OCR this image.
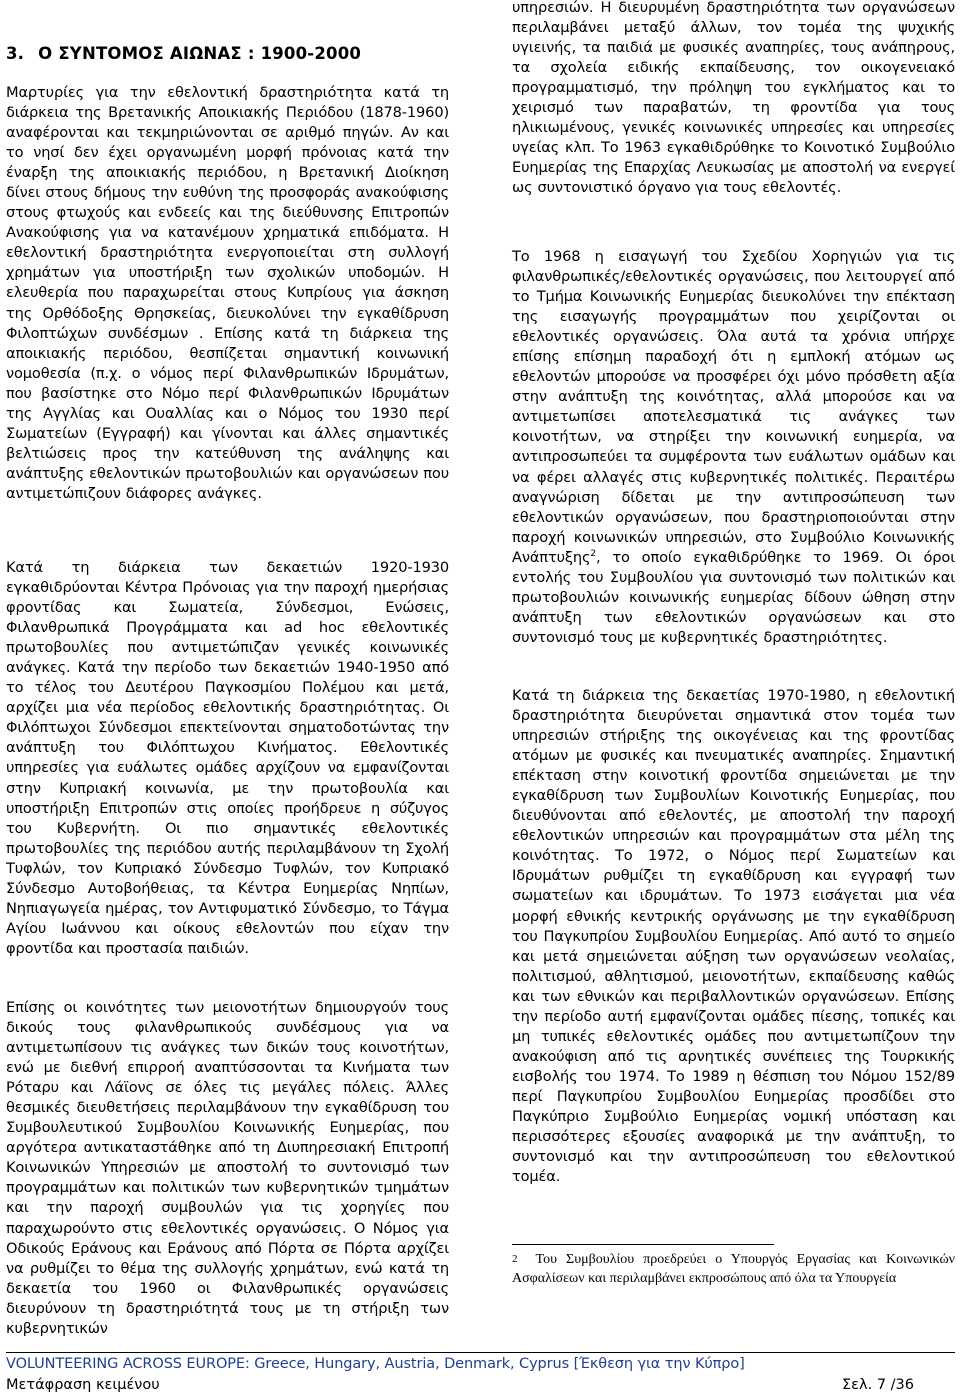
3. Ο ΣΥΝΤΟΜΟΣ ΑΙΩΝΑΣ : 1900-2000

Μαρτυρίες για την εθελοντική δραστηριότητα κατά τη διάρκεια της Βρετανικής Αποικιακής Περιόδου (1878-1960) αναφέρονται και τεκμηριώνονται σε αριθμό πηγών. Αν και το νησί δεν έχει οργανωμένη μορφή πρόνοιας κατά την έναρξη της αποικιακής περιόδου, η Βρετανική Διοίκηση δίνει στους δήμους την ευθύνη της προσφοράς ανακούφισης στους φτωχούς και ενδεείς και της διεύθυνσης Επιτροπών Ανακούφισης για να κατανέμουν χρηματικά επιδόματα. Η εθελοντική δραστηριότητα ενεργοποιείται στη συλλογή χρημάτων για υποστήριξη των σχολικών υποδομών. Η ελευθερία που παραχωρείται στους Κυπρίους για άσκηση της Ορθόδοξης Θρησκείας, διευκολύνει την εγκαθίδρυση Φιλοπτώχων συνδέσμων . Επίσης κατά τη διάρκεια της αποικιακής περιόδου, θεσπίζεται σημαντική κοινωνική νομοθεσία (π.χ. ο νόμος περί Φιλανθρωπικών Ιδρυμάτων, που βασίστηκε στο Νόμο περί Φιλανθρωπικών Ιδρυμάτων της Αγγλίας και Ουαλλίας και ο Νόμος του 1930 περί Σωματείων (Εγγραφή) και γίνονται και άλλες σημαντικές βελτιώσεις προς την κατεύθυνση της ανάληψης και ανάπτυξης εθελοντικών πρωτοβουλιών και οργανώσεων που αντιμετώπιζουν διάφορες ανάγκες.

Κατά τη διάρκεια των δεκαετιών 1920-1930 εγκαθιδρύονται Κέντρα Πρόνοιας για την παροχή ημερήσιας φροντίδας και Σωματεία, Σύνδεσμοι, Ενώσεις, Φιλανθρωπικά Προγράμματα και ad hoc εθελοντικές πρωτοβουλίες που αντιμετώπιζαν γενικές κοινωνικές ανάγκες. Κατά την περίοδο των δεκαετιών 1940-1950 από το τέλος του Δευτέρου Παγκοσμίου Πολέμου και μετά, αρχίζει μια νέα περίοδος εθελοντικής δραστηριότητας. Οι Φιλόπτωχοι Σύνδεσμοι επεκτείνονται σηματοδοτώντας την ανάπτυξη του Φιλόπτωχου Κινήματος. Εθελοντικές υπηρεσίες για ευάλωτες ομάδες αρχίζουν να εμφανίζονται στην Κυπριακή κοινωνία, με την πρωτοβουλία και υποστήριξη Επιτροπών στις οποίες προήδρευε η σύζυγος του Κυβερνήτη. Οι πιο σημαντικές εθελοντικές πρωτοβουλίες της περιόδου αυτής περιλαμβάνουν τη Σχολή Τυφλών, τον Κυπριακό Σύνδεσμο Τυφλών, τον Κυπριακό Σύνδεσμο Αυτοβοήθειας, τα Κέντρα Ευημερίας Νηπίων, Νηπιαγωγεία ημέρας, τον Αντιφυματικό Σύνδεσμο, το Τάγμα Αγίου Ιωάννου και οίκους εθελοντών που είχαν την φροντίδα και προστασία παιδιών.

Επίσης οι κοινότητες των μειονοτήτων δημιουργούν τους δικούς τους φιλανθρωπικούς συνδέσμους για να αντιμετωπίσουν τις ανάγκες των δικών τους κοινοτήτων, ενώ με διεθνή επιρροή αναπτύσσονται τα Κινήματα των Ρόταρυ και Λάϊονς σε όλες τις μεγάλες πόλεις. Άλλες θεσμικές διευθετήσεις περιλαμβάνουν την εγκαθίδρυση του Συμβουλευτικού Συμβουλίου Κοινωνικής Ευημερίας, που αργότερα αντικαταστάθηκε από τη Διυπηρεσιακή Επιτροπή Κοινωνικών Υπηρεσιών με αποστολή το συντονισμό των προγραμμάτων και πολιτικών των κυβερνητικών τμημάτων και την παροχή συμβουλών για τις χορηγίες που παραχωρούντο στις εθελοντικές οργανώσεις. Ο Νόμος για Οδικούς Εράνους και Εράνους από Πόρτα σε Πόρτα αρχίζει να ρυθμίζει το θέμα της συλλογής χρημάτων, ενώ κατά τη δεκαετία του 1960 οι Φιλανθρωπικές οργανώσεις διευρύνουν τη δραστηριότητά τους με τη στήριξη των κυβερνητικών

υπηρεσιών. Η διευρυμένη δραστηριότητα των οργανώσεων περιλαμβάνει μεταξύ άλλων, τον τομέα της ψυχικής υγιεινής, τα παιδιά με φυσικές αναπηρίες, τους ανάπηρους, τα σχολεία ειδικής εκπαίδευσης, τον οικογενειακό προγραμματισμό, την πρόληψη του εγκλήματος και το χειρισμό των παραβατών, τη φροντίδα για τους ηλικιωμένους, γενικές κοινωνικές υπηρεσίες και υπηρεσίες υγείας κλπ. Το 1963 εγκαθιδρύθηκε το Κοινοτικό Συμβούλιο Ευημερίας της Επαρχίας Λευκωσίας με αποστολή να ενεργεί ως συντονιστικό όργανο για τους εθελοντές.

Το 1968 η εισαγωγή του Σχεδίου Χορηγιών για τις φιλανθρωπικές/εθελοντικές οργανώσεις, που λειτουργεί από το Τμήμα Κοινωνικής Ευημερίας διευκολύνει την επέκταση της εισαγωγής προγραμμάτων που χειρίζονται οι εθελοντικές οργανώσεις. Όλα αυτά τα χρόνια υπήρχε επίσης επίσημη παραδοχή ότι η εμπλοκή ατόμων ως εθελοντών μπορούσε να προσφέρει όχι μόνο πρόσθετη αξία στην ανάπτυξη της κοινότητας, αλλά μπορούσε και να αντιμετωπίσει αποτελεσματικά τις ανάγκες των κοινοτήτων, να στηρίξει την κοινωνική ευημερία, να αντιπροσωπεύει τα συμφέροντα των ευάλωτων ομάδων και να φέρει αλλαγές στις κυβερνητικές πολιτικές. Περαιτέρω αναγνώριση δίδεται με την αντιπροσώπευση των εθελοντικών οργανώσεων, που δραστηριοποιούνται στην παροχή κοινωνικών υπηρεσιών, στο Συμβούλιο Κοινωνικής Ανάπτυξης$^2$, το οποίο εγκαθιδρύθηκε το 1969. Οι όροι εντολής του Συμβουλίου για συντονισμό των πολιτικών και πρωτοβουλιών κοινωνικής ευημερίας δίδουν ώθηση στην ανάπτυξη των εθελοντικών οργανώσεων και στο συντονισμό τους με κυβερνητικές δραστηριότητες.

Κατά τη διάρκεια της δεκαετίας 1970-1980, η εθελοντική δραστηριότητα διευρύνεται σημαντικά στον τομέα των υπηρεσιών στήριξης της οικογένειας και της φροντίδας ατόμων με φυσικές και πνευματικές αναπηρίες. Σημαντική επέκταση στην κοινοτική φροντίδα σημειώνεται με την εγκαθίδρυση των Συμβουλίων Κοινοτικής Ευημερίας, που διευθύνονται από εθελοντές, με αποστολή την παροχή εθελοντικών υπηρεσιών και προγραμμάτων στα μέλη της κοινότητας. Το 1972, ο Νόμος περί Σωματείων και Ιδρυμάτων ρυθμίζει τη εγκαθίδρυση και εγγραφή των σωματείων και ιδρυμάτων. Το 1973 εισάγεται μια νέα μορφή εθνικής κεντρικής οργάνωσης με την εγκαθίδρυση του Παγκυπρίου Συμβουλίου Ευημερίας. Από αυτό το σημείο και μετά σημειώνεται αύξηση των οργανώσεων νεολαίας, πολιτισμού, αθλητισμού, μειονοτήτων, εκπαίδευσης καθώς και των εθνικών και περιβαλλοντικών οργανώσεων. Επίσης την περίοδο αυτή εμφανίζονται ομάδες πίεσης, τοπικές και μη τυπικές εθελοντικές ομάδες που αντιμετωπίζουν την ανακούφιση από τις αρνητικές συνέπειες της Τουρκικής εισβολής του 1974. Το 1989 η θέσπιση του Νόμου 152/89 περί Παγκυπρίου Συμβουλίου Ευημερίας προσδίδει στο Παγκύπριο Συμβούλιο Ευημερίας νομική υπόσταση και περισσότερες εξουσίες αναφορικά με την ανάπτυξη, το συντονισμό και την αντιπροσώπευση του εθελοντικού τομέα.

$^2$ Του Συμβουλίου προεδρεύει ο Υπουργός Εργασίας και Κοινωνικών Ασφαλίσεων και περιλαμβάνει εκπροσώπους από όλα τα Υπουργεία
VOLUNTEERING ACROSS EUROPE: Greece, Hungary, Austria, Denmark, Cyprus [Έκθεση για την Κύπρο]
Μετάφραση κειμένου	Σελ. 7 /36
